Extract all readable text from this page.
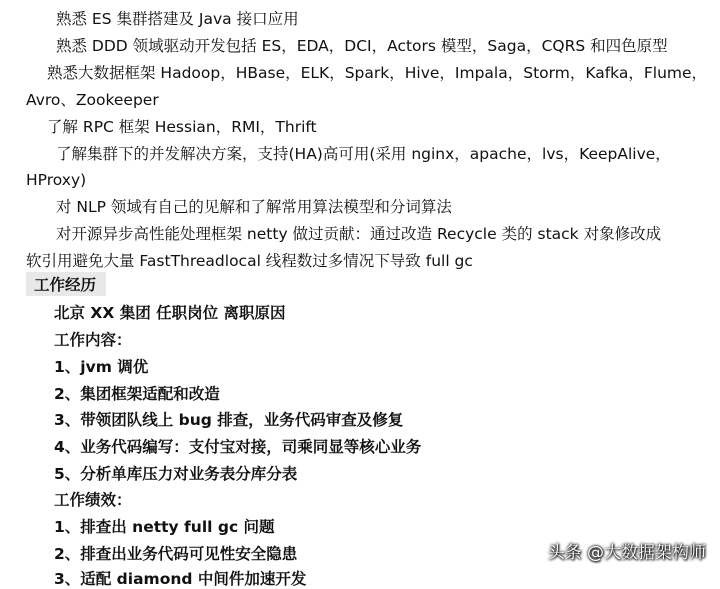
熟悉 ES 集群搭建及 Java 接口应用
熟悉 DDD 领域驱动开发包括 ES，EDA，DCI，Actors 模型，Saga，CQRS 和四色原型
熟悉大数据框架 Hadoop，HBase，ELK，Spark，Hive，Impala，Storm，Kafka，Flume，
Avro、Zookeeper
了解 RPC 框架 Hessian，RMI，Thrift
了解集群下的并发解决方案，支持(HA)高可用(采用 nginx，apache，lvs，KeepAlive，
HProxy)
对 NLP 领域有自己的见解和了解常用算法模型和分词算法
对开源异步高性能处理框架 netty 做过贡献：通过改造 Recycle 类的 stack 对象修改成
软引用避免大量 FastThreadlocal 线程数过多情况下导致 full gc
工作经历
北京 XX 集团 任职岗位 离职原因
工作内容：
1、jvm 调优
2、集团框架适配和改造
3、带领团队线上 bug 排查，业务代码审查及修复
4、业务代码编写：支付宝对接，司乘同显等核心业务
5、分析单库压力对业务表分库分表
工作绩效：
1、排查出 netty full gc 问题
2、排查出业务代码可见性安全隐患
3、适配 diamond 中间件加速开发
头条 @大数据架构师
